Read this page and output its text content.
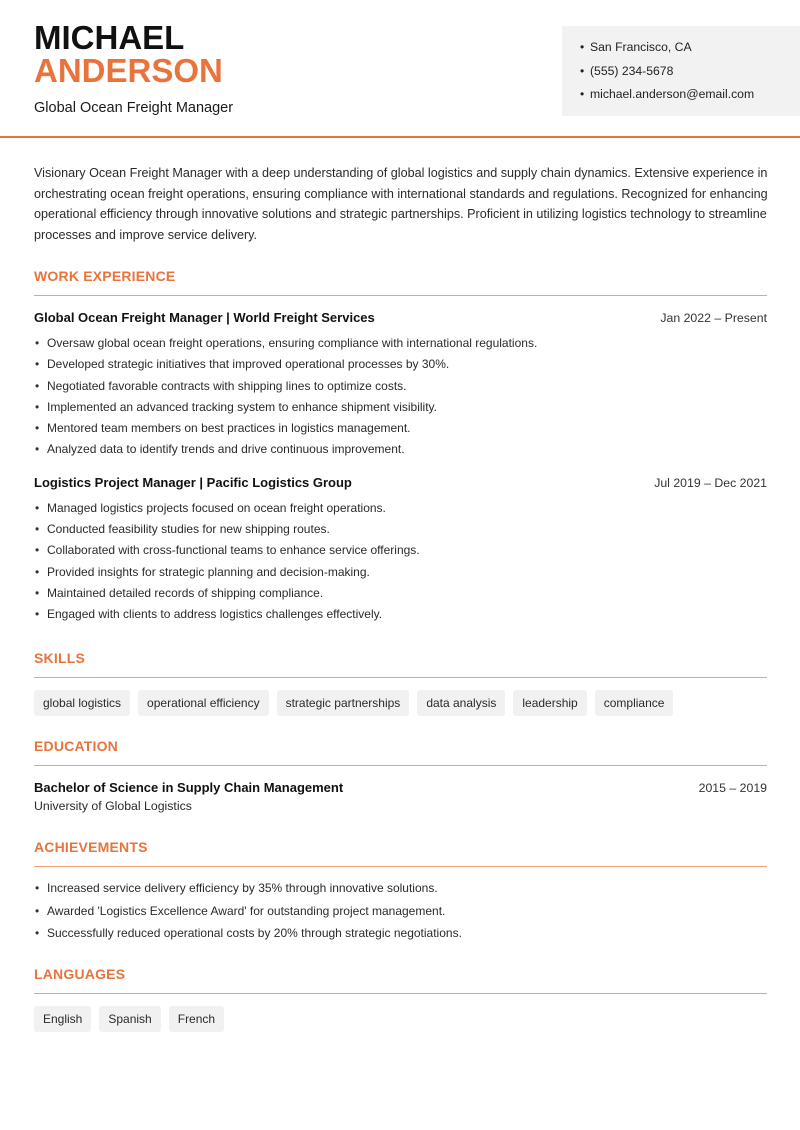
MICHAEL
ANDERSON
Global Ocean Freight Manager
• San Francisco, CA
• (555) 234-5678
• michael.anderson@email.com

Visionary Ocean Freight Manager with a deep understanding of global logistics and supply chain dynamics. Extensive experience in orchestrating ocean freight operations, ensuring compliance with international standards and regulations. Recognized for enhancing operational efficiency through innovative solutions and strategic partnerships. Proficient in utilizing logistics technology to streamline processes and improve service delivery.

WORK EXPERIENCE
Global Ocean Freight Manager | World Freight Services	Jan 2022 – Present
• Oversaw global ocean freight operations, ensuring compliance with international regulations.
• Developed strategic initiatives that improved operational processes by 30%.
• Negotiated favorable contracts with shipping lines to optimize costs.
• Implemented an advanced tracking system to enhance shipment visibility.
• Mentored team members on best practices in logistics management.
• Analyzed data to identify trends and drive continuous improvement.
Logistics Project Manager | Pacific Logistics Group	Jul 2019 – Dec 2021
• Managed logistics projects focused on ocean freight operations.
• Conducted feasibility studies for new shipping routes.
• Collaborated with cross-functional teams to enhance service offerings.
• Provided insights for strategic planning and decision-making.
• Maintained detailed records of shipping compliance.
• Engaged with clients to address logistics challenges effectively.
SKILLS
global logistics	operational efficiency	strategic partnerships	data analysis	leadership	compliance
EDUCATION
Bachelor of Science in Supply Chain Management	2015 – 2019
University of Global Logistics
ACHIEVEMENTS
• Increased service delivery efficiency by 35% through innovative solutions.
• Awarded 'Logistics Excellence Award' for outstanding project management.
• Successfully reduced operational costs by 20% through strategic negotiations.
LANGUAGES
English	Spanish	French
